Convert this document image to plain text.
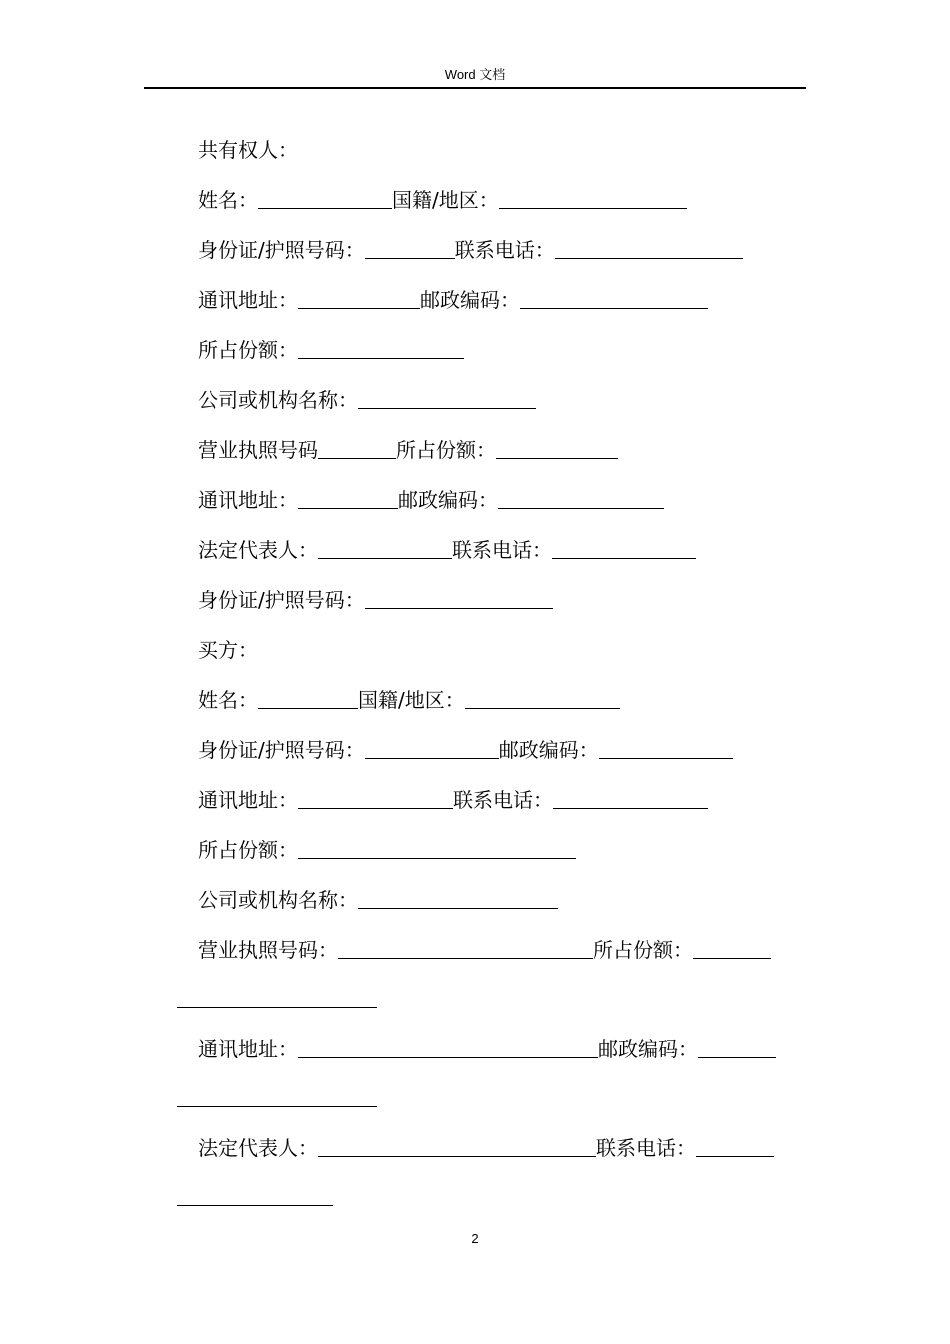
Word 文档
共有权人：
姓名：	国籍/地区：
身份证/护照号码：	联系电话：
通讯地址：	邮政编码：
所占份额：
公司或机构名称：
营业执照号码	所占份额：
通讯地址：	邮政编码：
法定代表人：	联系电话：
身份证/护照号码：
买方：
姓名：	国籍/地区：
身份证/护照号码：	邮政编码：
通讯地址：	联系电话：
所占份额：
公司或机构名称：
营业执照号码：	所占份额：
通讯地址：	邮政编码：
法定代表人：	联系电话：
2
